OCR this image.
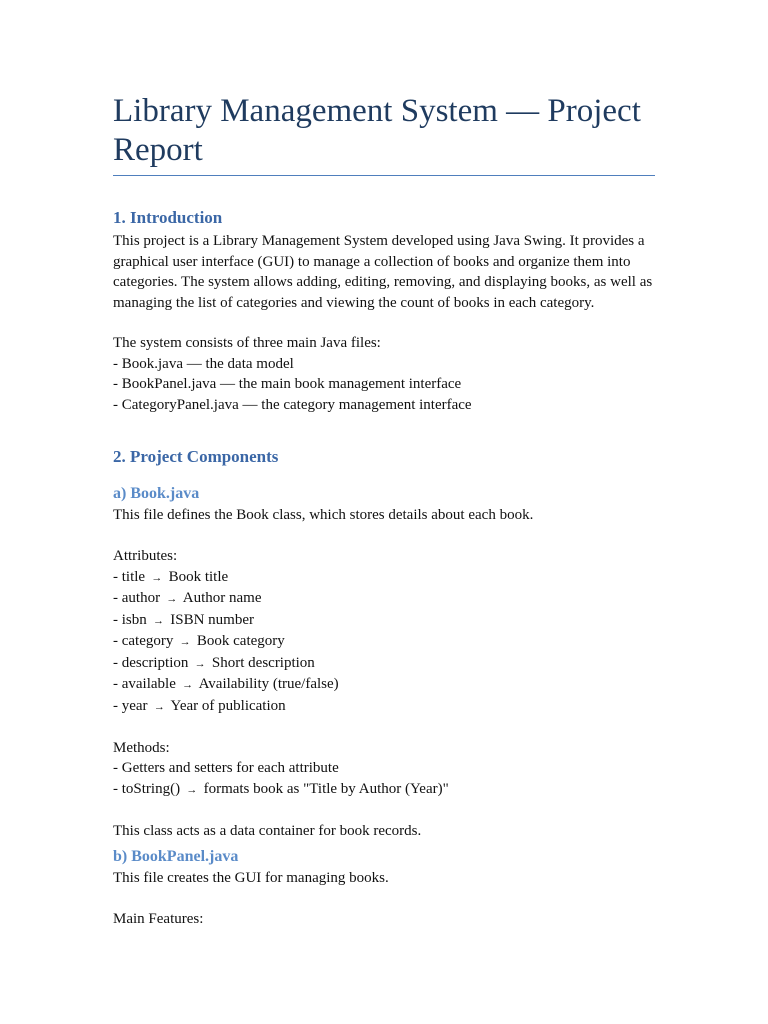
Library Management System — Project Report
1. Introduction

This project is a Library Management System developed using Java Swing. It provides a graphical user interface (GUI) to manage a collection of books and organize them into categories. The system allows adding, editing, removing, and displaying books, as well as managing the list of categories and viewing the count of books in each category.

The system consists of three main Java files:
- Book.java — the data model
- BookPanel.java — the main book management interface
- CategoryPanel.java — the category management interface
2. Project Components
a) Book.java
This file defines the Book class, which stores details about each book.

Attributes:
- title → Book title
- author → Author name
- isbn → ISBN number
- category → Book category
- description → Short description
- available → Availability (true/false)
- year → Year of publication

Methods:
- Getters and setters for each attribute
- toString() → formats book as "Title by Author (Year)"

This class acts as a data container for book records.
b) BookPanel.java
This file creates the GUI for managing books.

Main Features:
